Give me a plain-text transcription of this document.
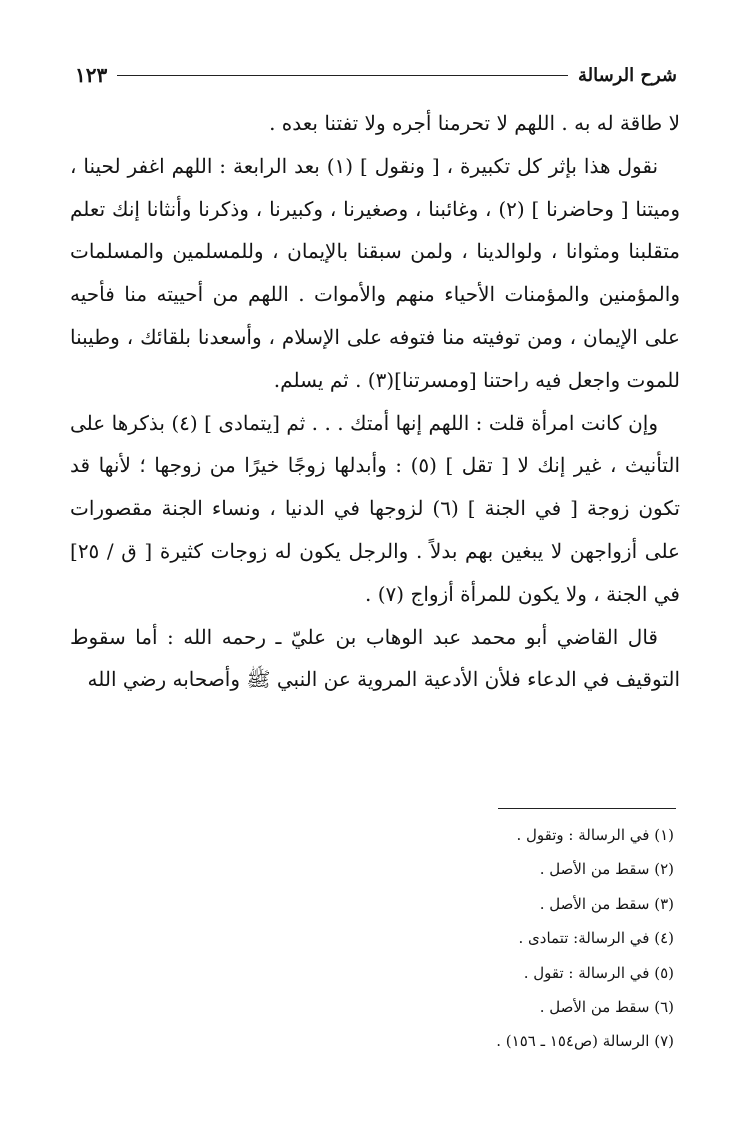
شرح الرسالة
١٢٣

لا طاقة له به . اللهم لا تحرمنا أجره ولا تفتنا بعده .

نقول هذا بإثر كل تكبيرة ، [ ونقول ] (١) بعد الرابعة : اللهم اغفر لحينا ، وميتنا [ وحاضرنا ] (٢) ، وغائبنا ، وصغيرنا ، وكبيرنا ، وذكرنا وأنثانا إنك تعلم متقلبنا ومثوانا ، ولوالدينا ، ولمن سبقنا بالإيمان ، وللمسلمين والمسلمات والمؤمنين والمؤمنات الأحياء منهم والأموات . اللهم من أحييته منا فأحيه على الإيمان ، ومن توفيته منا فتوفه على الإسلام ، وأسعدنا بلقائك ، وطيبنا للموت واجعل فيه راحتنا [ومسرتنا](٣) . ثم يسلم.

وإن كانت امرأة قلت : اللهم إنها أمتك . . . ثم [يتمادى ] (٤) بذكرها على التأنيث ، غير إنك لا [ تقل ] (٥) : وأبدلها زوجًا خيرًا من زوجها ؛ لأنها قد تكون زوجة [ في الجنة ] (٦) لزوجها في الدنيا ، ونساء الجنة مقصورات على أزواجهن لا يبغين بهم بدلاً . والرجل يكون له زوجات كثيرة [ ق / ٢٥] في الجنة ، ولا يكون للمرأة أزواج (٧) .

قال القاضي أبو محمد عبد الوهاب بن عليّ ـ رحمه الله : أما سقوط التوقيف في الدعاء فلأن الأدعية المروية عن النبي ﷺ وأصحابه رضي الله

(١) في الرسالة : وتقول .
(٢) سقط من الأصل .
(٣) سقط من الأصل .
(٤) في الرسالة: تتمادى .
(٥) في الرسالة : تقول .
(٦) سقط من الأصل .
(٧) الرسالة (ص١٥٤ ـ ١٥٦) .
